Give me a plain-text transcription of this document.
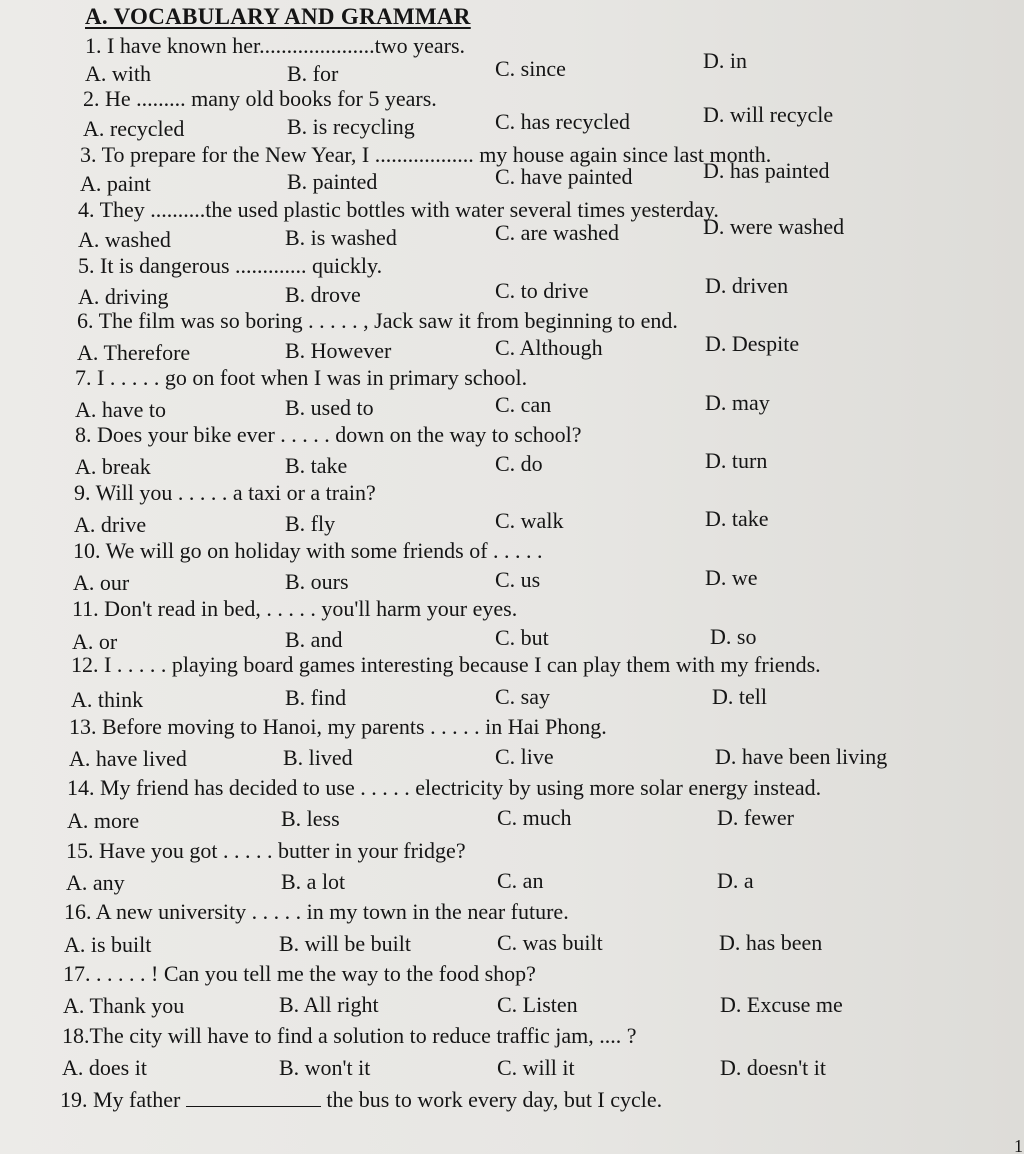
A. VOCABULARY AND GRAMMAR
1. I have known her.....................two years.
A. with	B. for	C. since	D. in
2. He ......... many old books for 5 years.
A. recycled	B. is recycling	C. has recycled	D. will recycle
3. To prepare for the New Year, I .................. my house again since last month.
A. paint	B. painted	C. have painted	D. has painted
4. They ..........the used plastic bottles with water several times yesterday.
A. washed	B. is washed	C. are washed	D. were washed
5. It is dangerous ............. quickly.
A. driving	B. drove	C. to drive	D. driven
6. The film was so boring . . . . . , Jack saw it from beginning to end.
A. Therefore	B. However	C. Although	D. Despite
7. I . . . . . go on foot when I was in primary school.
A. have to	B. used to	C. can	D. may
8. Does your bike ever . . . . . down on the way to school?
A. break	B. take	C. do	D. turn
9. Will you . . . . . a taxi or a train?
A. drive	B. fly	C. walk	D. take
10. We will go on holiday with some friends of . . . . .
A. our	B. ours	C. us	D. we
11. Don't read in bed, . . . . . you'll harm your eyes.
A. or	B. and	C. but	D. so
12. I . . . . . playing board games interesting because I can play them with my friends.
A. think	B. find	C. say	D. tell
13. Before moving to Hanoi, my parents . . . . . in Hai Phong.
A. have lived	B. lived	C. live	D. have been living
14. My friend has decided to use . . . . . electricity by using more solar energy instead.
A. more	B. less	C. much	D. fewer
15. Have you got . . . . . butter in your fridge?
A. any	B. a lot	C. an	D. a
16. A new university . . . . . in my town in the near future.
A. is built	B. will be built	C. was built	D. has been
17. . . . . . ! Can you tell me the way to the food shop?
A. Thank you	B. All right	C. Listen	D. Excuse me
18.The city will have to find a solution to reduce traffic jam, .... ?
A. does it	B. won't it	C. will it	D. doesn't it
19. My father	the bus to work every day, but I cycle.
1
